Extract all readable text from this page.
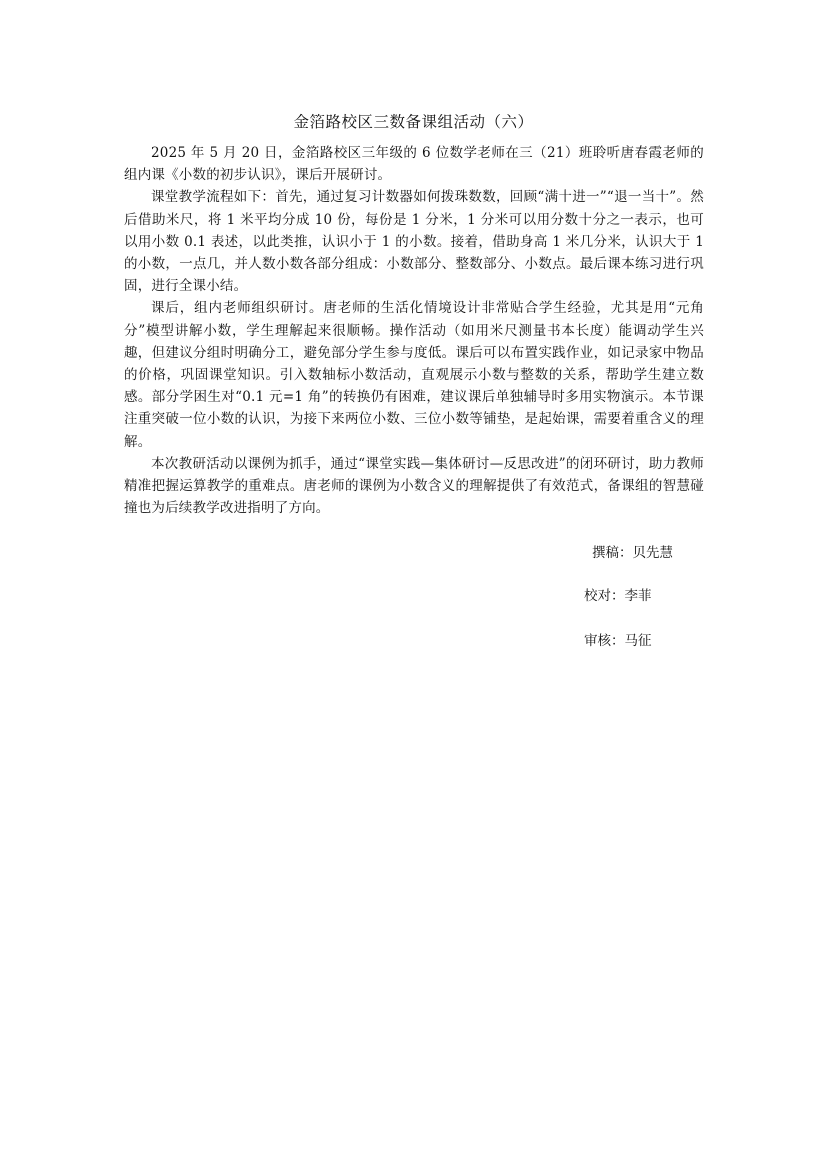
金箔路校区三数备课组活动（六）

2025 年 5 月 20 日，金箔路校区三年级的 6 位数学老师在三（21）班聆听唐春霞老师的组内课《小数的初步认识》，课后开展研讨。

课堂教学流程如下：首先，通过复习计数器如何拨珠数数，回顾“满十进一”“退一当十”。然后借助米尺，将 1 米平均分成 10 份，每份是 1 分米，1 分米可以用分数十分之一表示，也可以用小数 0.1 表述，以此类推，认识小于 1 的小数。接着，借助身高 1 米几分米，认识大于 1 的小数，一点几，并人数小数各部分组成：小数部分、整数部分、小数点。最后课本练习进行巩固，进行全课小结。

课后，组内老师组织研讨。唐老师的生活化情境设计非常贴合学生经验，尤其是用“元角分”模型讲解小数，学生理解起来很顺畅。操作活动（如用米尺测量书本长度）能调动学生兴趣，但建议分组时明确分工，避免部分学生参与度低。课后可以布置实践作业，如记录家中物品的价格，巩固课堂知识。引入数轴标小数活动，直观展示小数与整数的关系，帮助学生建立数感。部分学困生对“0.1 元=1 角”的转换仍有困难，建议课后单独辅导时多用实物演示。本节课注重突破一位小数的认识，为接下来两位小数、三位小数等铺垫，是起始课，需要着重含义的理解。

本次教研活动以课例为抓手，通过“课堂实践—集体研讨—反思改进”的闭环研讨，助力教师精准把握运算教学的重难点。唐老师的课例为小数含义的理解提供了有效范式，备课组的智慧碰撞也为后续教学改进指明了方向。

撰稿：贝先慧
校对：李菲
审核：马征
